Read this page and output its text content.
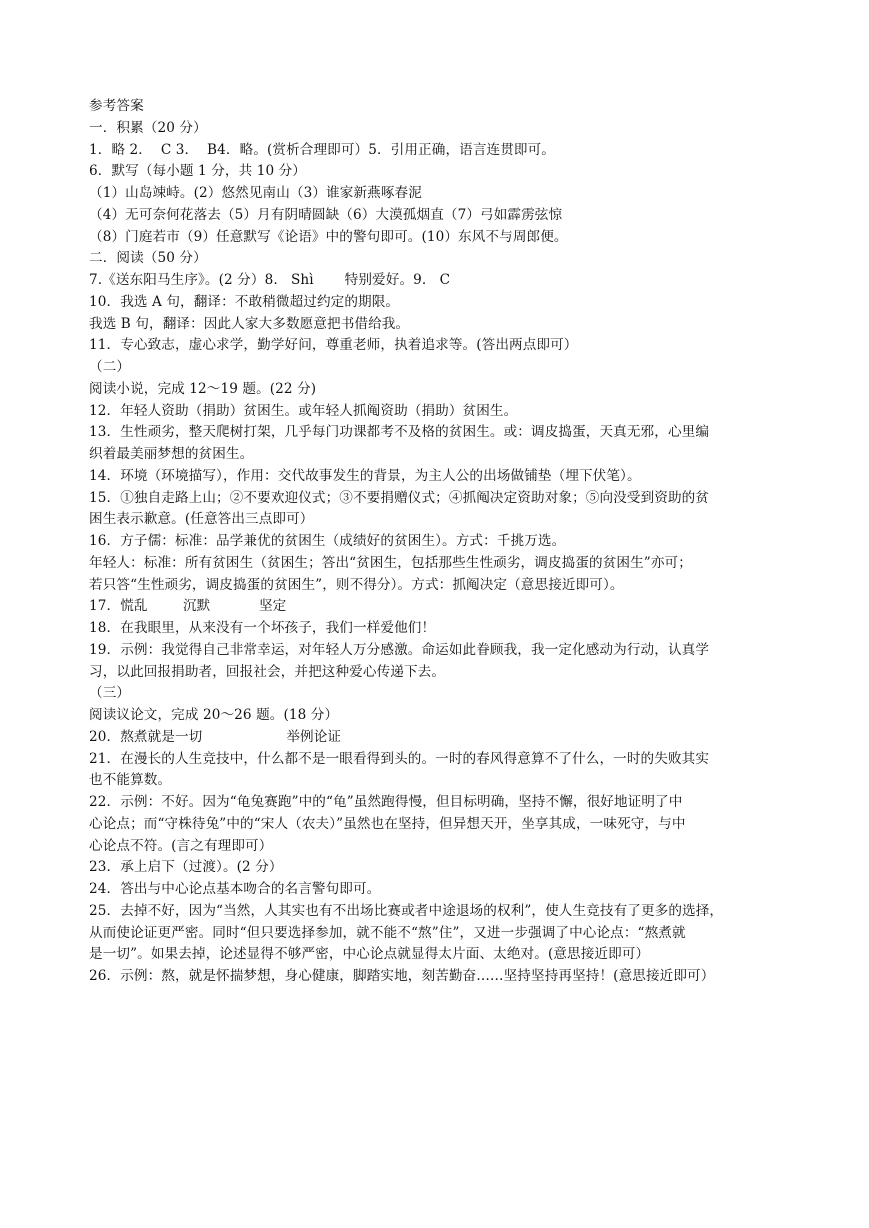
参考答案
一．积累（20 分）
1．略 2．  C 3．  B4．略。(赏析合理即可）5．引用正确，语言连贯即可。
6．默写（每小题 1 分，共 10 分）
（1）山岛竦峙。(2）悠然见南山（3）谁家新燕啄春泥
（4）无可奈何花落去（5）月有阴晴圆缺（6）大漠孤烟直（7）弓如霹雳弦惊
（8）门庭若市（9）任意默写《论语》中的警句即可。(10）东风不与周郎便。
二．阅读（50 分）
7.《送东阳马生序》。(2 分）8.   Shì       特别爱好。9.   C
10．我选 A 句，翻译：不敢稍微超过约定的期限。
我选 B 句，翻译：因此人家大多数愿意把书借给我。
11．专心致志，虚心求学，勤学好问，尊重老师，执着追求等。(答出两点即可）
（二）
阅读小说，完成 12～19 题。(22 分)
12．年轻人资助（捐助）贫困生。或年轻人抓阄资助（捐助）贫困生。
13．生性顽劣，整天爬树打架，几乎每门功课都考不及格的贫困生。或：调皮捣蛋，天真无邪，心里编
织着最美丽梦想的贫困生。
14．环境（环境描写），作用：交代故事发生的背景，为主人公的出场做铺垫（埋下伏笔）。
15．①独自走路上山；②不要欢迎仪式；③不要捐赠仪式；④抓阄决定资助对象；⑤向没受到资助的贫
困生表示歉意。(任意答出三点即可）
16．方子儒：标准：品学兼优的贫困生（成绩好的贫困生）。方式：千挑万选。
年轻人：标准：所有贫困生（贫困生；答出“贫困生，包括那些生性顽劣，调皮捣蛋的贫困生”亦可；
若只答“生性顽劣，调皮捣蛋的贫困生”，则不得分）。方式：抓阄决定（意思接近即可）。
17．慌乱        沉默           坚定
18．在我眼里，从来没有一个坏孩子，我们一样爱他们！
19．示例：我觉得自己非常幸运，对年轻人万分感激。命运如此眷顾我，我一定化感动为行动，认真学
习，以此回报捐助者，回报社会，并把这种爱心传递下去。
（三）
阅读议论文，完成 20～26 题。(18 分）
20．熬煮就是一切                   举例论证
21．在漫长的人生竞技中，什么都不是一眼看得到头的。一时的春风得意算不了什么，一时的失败其实
也不能算数。
22．示例：不好。因为“龟兔赛跑”中的“龟”虽然跑得慢，但目标明确，坚持不懈，很好地证明了中
心论点；而“守株待兔”中的“宋人（农夫）”虽然也在坚持，但异想天开，坐享其成，一味死守，与中
心论点不符。(言之有理即可）
23．承上启下（过渡）。(2 分）
24．答出与中心论点基本吻合的名言警句即可。
25．去掉不好，因为“当然，人其实也有不出场比赛或者中途退场的权利”，使人生竞技有了更多的选择，
从而使论证更严密。同时“但只要选择参加，就不能不“熬”住”，又进一步强调了中心论点：“熬煮就
是一切”。如果去掉，论述显得不够严密，中心论点就显得太片面、太绝对。(意思接近即可）
26．示例：熬，就是怀揣梦想，身心健康，脚踏实地，刻苦勤奋……坚持坚持再坚持！(意思接近即可）
